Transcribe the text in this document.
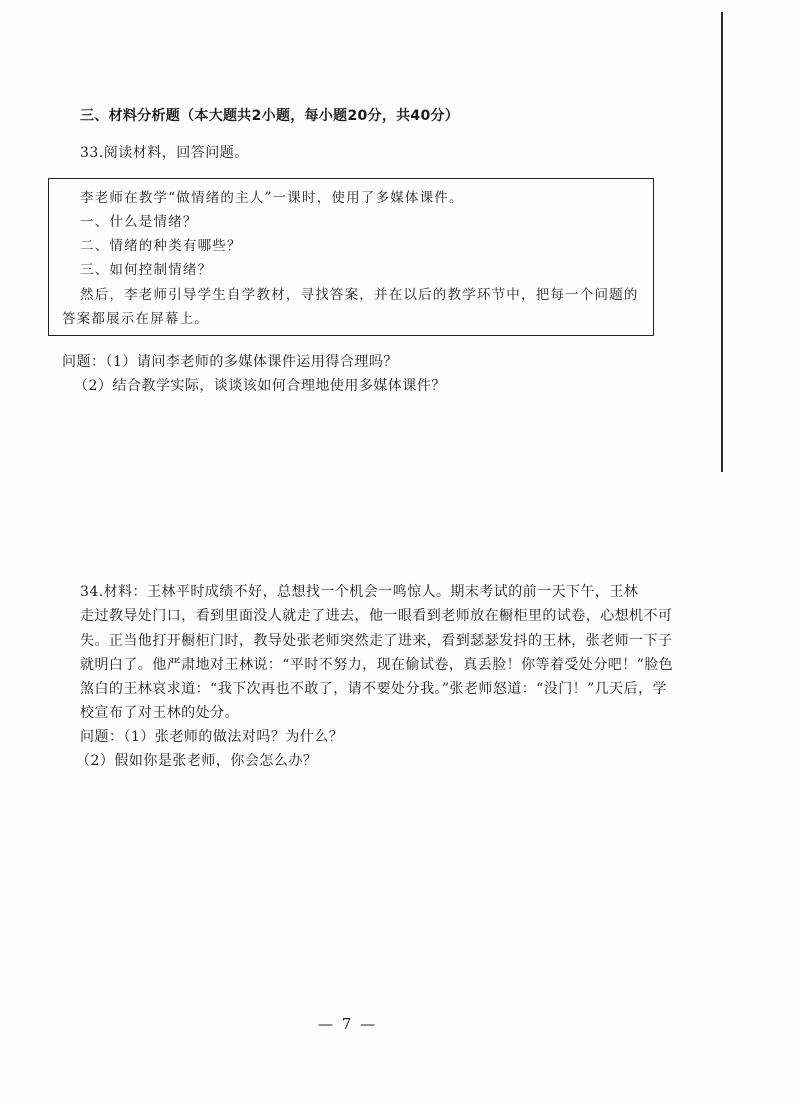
三、材料分析题（本大题共2小题，每小题20分，共40分）
33.阅读材料，回答问题。
李老师在教学“做情绪的主人”一课时，使用了多媒体课件。
一、什么是情绪？
二、情绪的种类有哪些？
三、如何控制情绪？
然后，李老师引导学生自学教材，寻找答案，并在以后的教学环节中，把每一个问题的
答案都展示在屏幕上。
问题：（1）请问李老师的多媒体课件运用得合理吗？
（2）结合教学实际，谈谈该如何合理地使用多媒体课件？
34.材料：王林平时成绩不好，总想找一个机会一鸣惊人。期末考试的前一天下午，王林
走过教导处门口，看到里面没人就走了进去，他一眼看到老师放在橱柜里的试卷，心想机不可
失。正当他打开橱柜门时，教导处张老师突然走了进来，看到瑟瑟发抖的王林，张老师一下子
就明白了。他严肃地对王林说：“平时不努力，现在偷试卷，真丢脸！你等着受处分吧！”脸色
煞白的王林哀求道：“我下次再也不敢了，请不要处分我。”张老师怒道：“没门！”几天后，学
校宣布了对王林的处分。
问题：（1）张老师的做法对吗？为什么？
（2）假如你是张老师，你会怎么办？
— 7 —
